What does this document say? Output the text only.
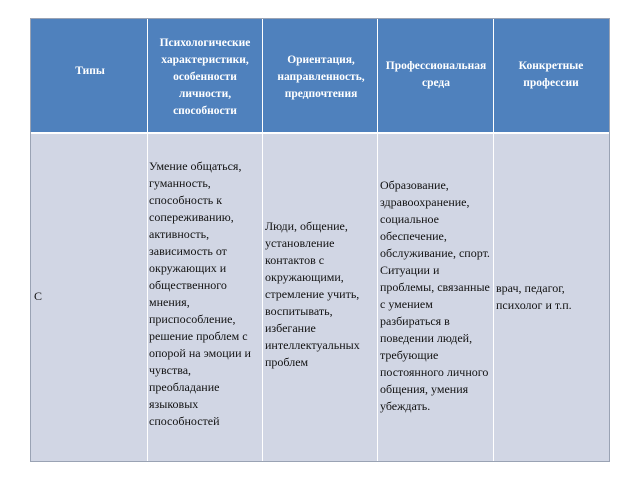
Типы
Психологические характеристики, особенности личности, способности
Ориентация, направленность, предпочтения
Профессиональная среда
Конкретные профессии
С
Умение общаться, гуманность, способность к сопереживанию, активность, зависимость от окружающих и общественного мнения, приспособление, решение проблем с опорой на эмоции и чувства, преобладание языковых способностей
Люди, общение, установление контактов с окружающими, стремление учить, воспитывать, избегание интеллектуальных проблем
Образование, здравоохранение, социальное обеспечение, обслуживание, спорт. Ситуации и проблемы, связанные с умением разбираться в поведении людей, требующие постоянного личного общения, умения убеждать.
врач, педагог, психолог и т.п.
